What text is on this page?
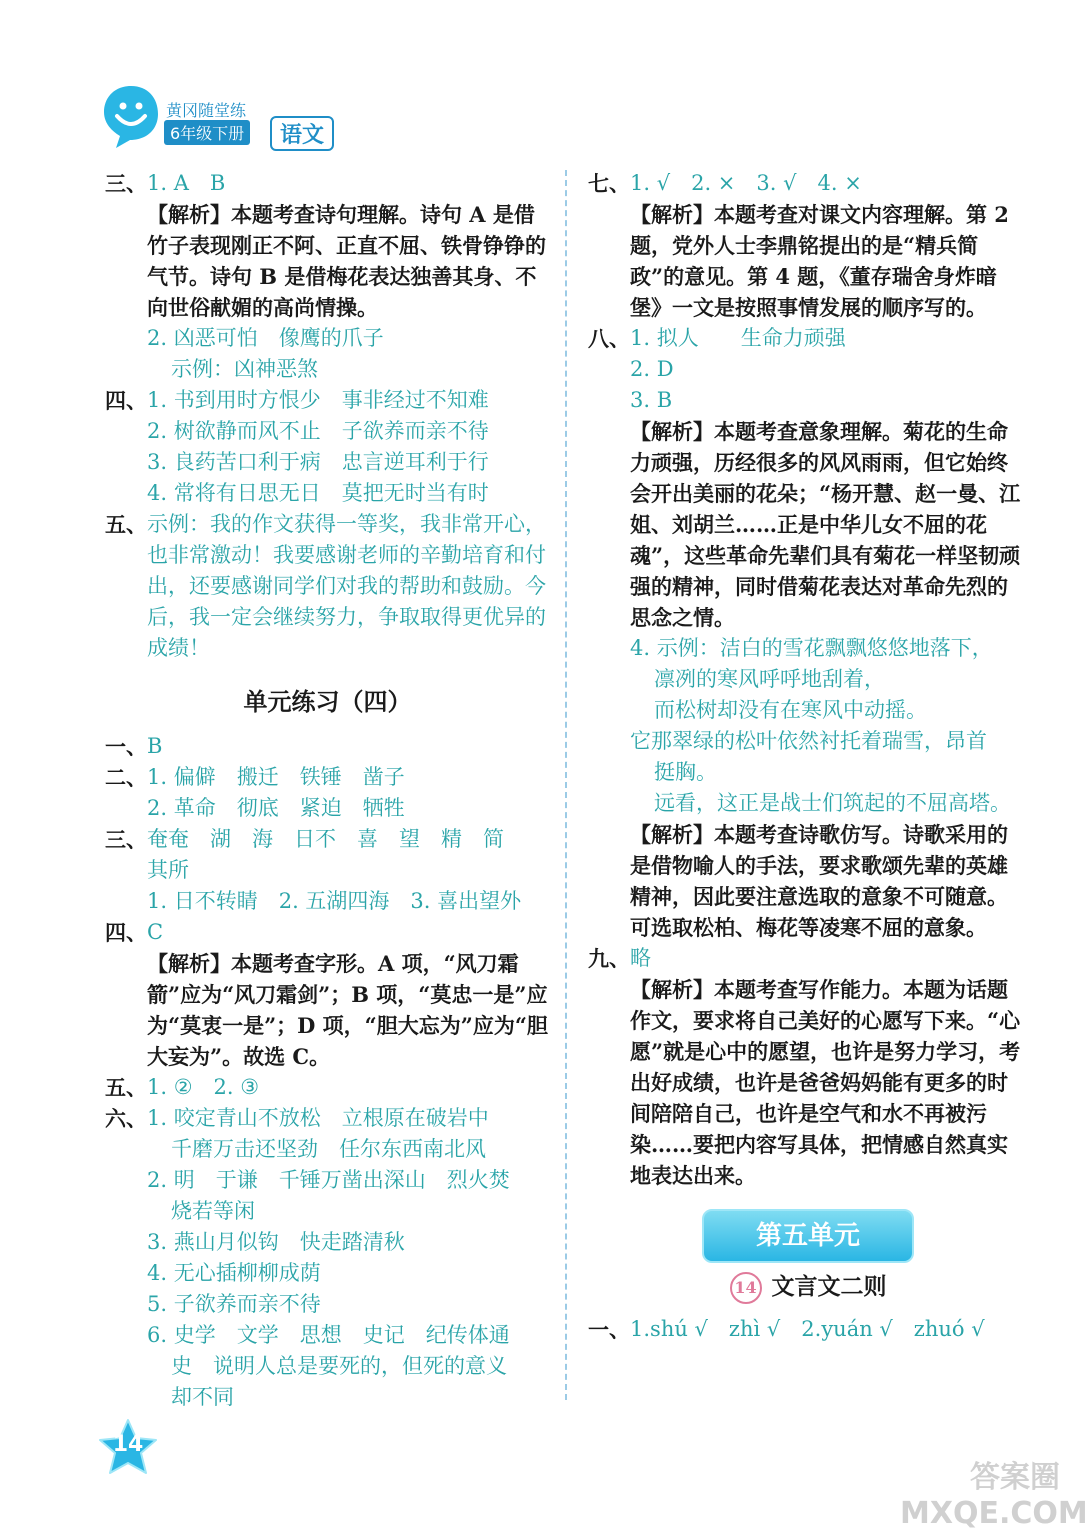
黄冈随堂练
6年级下册	语文
三、 1. A　B
【解析】本题考查诗句理解。诗句 A 是借竹子表现刚正不阿、正直不屈、铁骨铮铮的气节。诗句 B 是借梅花表达独善其身、不向世俗献媚的高尚情操。
2. 凶恶可怕　像鹰的爪子
示例：凶神恶煞
四、 1. 书到用时方恨少　事非经过不知难
2. 树欲静而风不止　子欲养而亲不待
3. 良药苦口利于病　忠言逆耳利于行
4. 常将有日思无日　莫把无时当有时
五、 示例：我的作文获得一等奖，我非常开心，也非常激动！我要感谢老师的辛勤培育和付出，还要感谢同学们对我的帮助和鼓励。今后，我一定会继续努力，争取取得更优异的成绩！
单元练习（四）
一、 B
二、 1. 偏僻　搬迁　铁锤　凿子
2. 革命　彻底　紧迫　牺牲
三、 奄奄　湖　海　日不　喜　望　精　简
其所
1. 日不转睛　2. 五湖四海　3. 喜出望外
四、 C
【解析】本题考查字形。A 项，“风刀霜箭”应为“风刀霜剑”；B 项，“莫忠一是”应为“莫衷一是”；D 项，“胆大忘为”应为“胆大妄为”。故选 C。
五、 1. ②　2. ③
六、 1. 咬定青山不放松　立根原在破岩中
千磨万击还坚劲　任尔东西南北风
2. 明　于谦　千锤万凿出深山　烈火焚
烧若等闲
3. 燕山月似钩　快走踏清秋
4. 无心插柳柳成荫
5. 子欲养而亲不待
6. 史学　文学　思想　史记　纪传体通
史　说明人总是要死的，但死的意义
却不同
七、 1. √　2. ×　3. √　4. ×
【解析】本题考查对课文内容理解。第 2 题，党外人士李鼎铭提出的是“精兵简政”的意见。第 4 题，《董存瑞舍身炸暗堡》一文是按照事情发展的顺序写的。
八、 1. 拟人　　生命力顽强
2. D
3. B
【解析】本题考查意象理解。菊花的生命力顽强，历经很多的风风雨雨，但它始终会开出美丽的花朵；“杨开慧、赵一曼、江姐、刘胡兰……正是中华儿女不屈的花魂”，这些革命先辈们具有菊花一样坚韧顽强的精神，同时借菊花表达对革命先烈的思念之情。
4. 示例：洁白的雪花飘飘悠悠地落下，
凛冽的寒风呼呼地刮着，
而松树却没有在寒风中动摇。
它那翠绿的松叶依然衬托着瑞雪，昂首
挺胸。
远看，这正是战士们筑起的不屈高塔。
【解析】本题考查诗歌仿写。诗歌采用的是借物喻人的手法，要求歌颂先辈的英雄精神，因此要注意选取的意象不可随意。可选取松柏、梅花等凌寒不屈的意象。
九、 略
【解析】本题考查写作能力。本题为话题作文，要求将自己美好的心愿写下来。“心愿”就是心中的愿望，也许是努力学习，考出好成绩，也许是爸爸妈妈能有更多的时间陪陪自己，也许是空气和水不再被污染……要把内容写具体，把情感自然真实地表达出来。
第五单元
14 文言文二则
一、 1.shú √　zhì √　2.yuán √　zhuó √
14
答案圈 MXQE.COM
